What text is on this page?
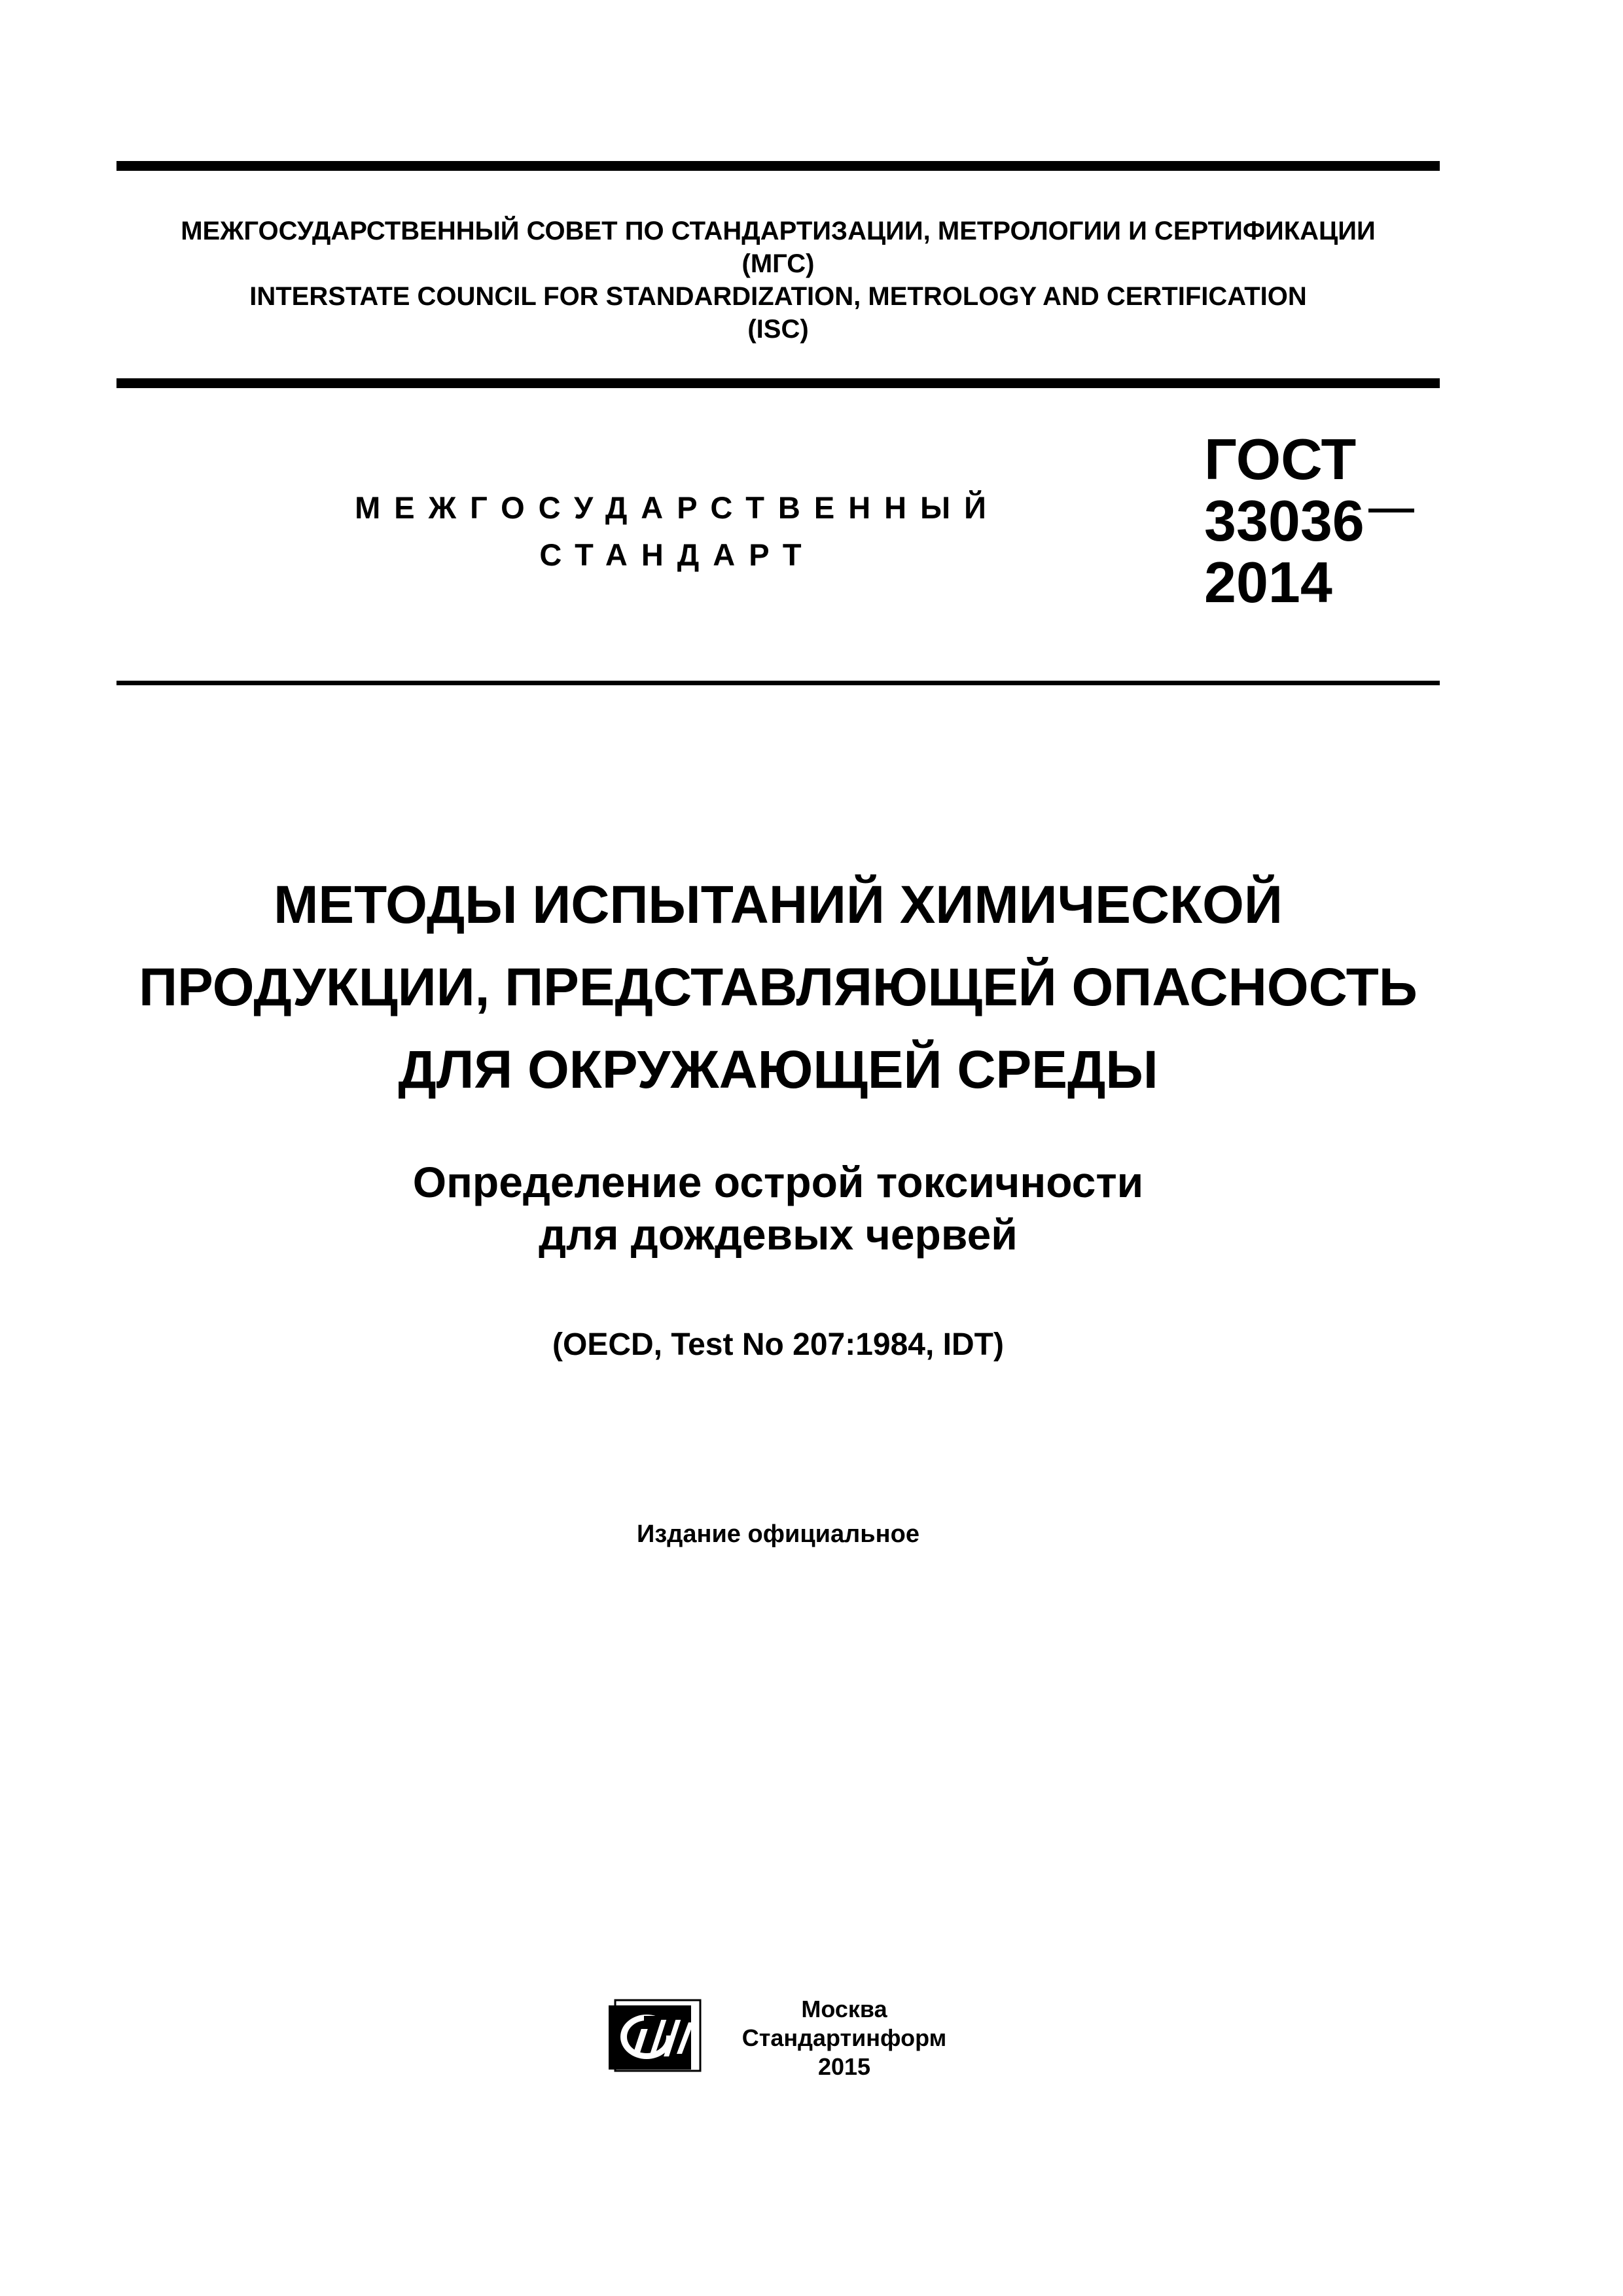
МЕЖГОСУДАРСТВЕННЫЙ СОВЕТ ПО СТАНДАРТИЗАЦИИ, МЕТРОЛОГИИ И СЕРТИФИКАЦИИ
(МГС)
INTERSTATE COUNCIL FOR STANDARDIZATION, METROLOGY AND CERTIFICATION
(ISC)
МЕЖГОСУДАРСТВЕННЫЙ
СТАНДАРТ
ГОСТ
33036
2014
МЕТОДЫ ИСПЫТАНИЙ ХИМИЧЕСКОЙ
ПРОДУКЦИИ, ПРЕДСТАВЛЯЮЩЕЙ ОПАСНОСТЬ
ДЛЯ ОКРУЖАЮЩЕЙ СРЕДЫ
Определение острой токсичности
для дождевых червей
(OECD, Test No 207:1984, IDT)
Издание официальное
Москва
Стандартинформ
2015
